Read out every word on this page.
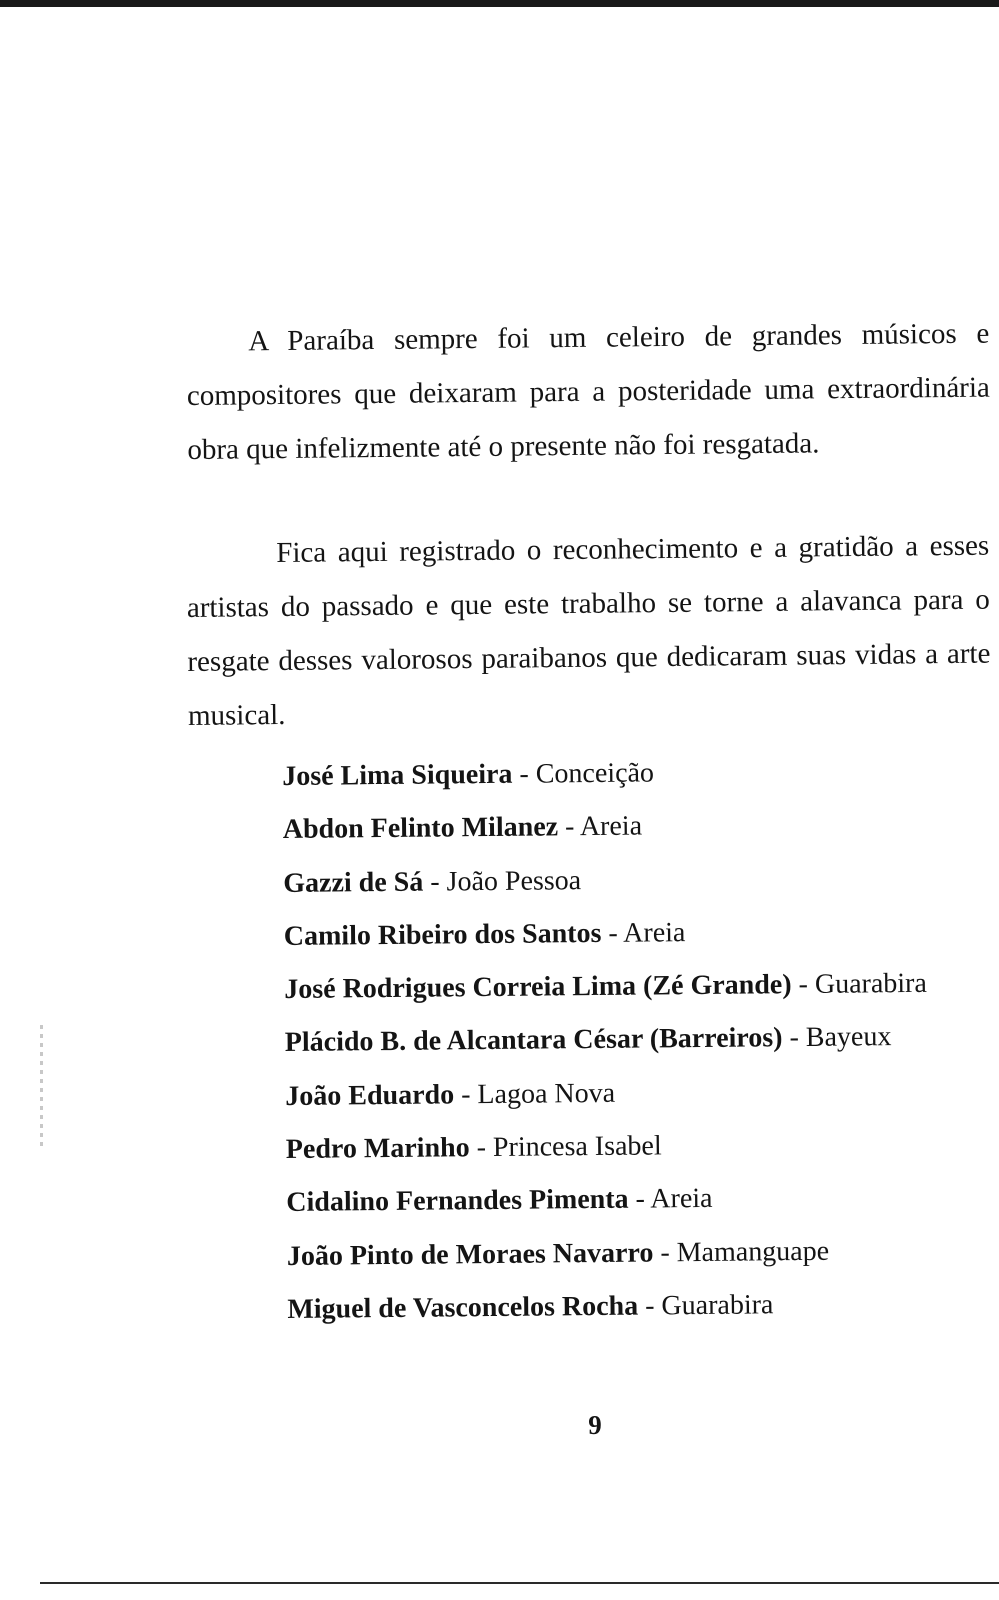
A Paraíba sempre foi um celeiro de grandes músicos e compositores que deixaram para a posteridade uma extraordinária obra que infelizmente até o presente não foi resgatada.

Fica aqui registrado o reconhecimento e a gratidão a esses artistas do passado e que este trabalho se torne a alavanca para o resgate desses valorosos paraibanos que dedicaram suas vidas a arte musical.

José Lima Siqueira - Conceição
Abdon Felinto Milanez - Areia
Gazzi de Sá - João Pessoa
Camilo Ribeiro dos Santos - Areia
José Rodrigues Correia Lima (Zé Grande) - Guarabira
Plácido B. de Alcantara César (Barreiros) - Bayeux
João Eduardo - Lagoa Nova
Pedro Marinho - Princesa Isabel
Cidalino Fernandes Pimenta - Areia
João Pinto de Moraes Navarro - Mamanguape
Miguel de Vasconcelos Rocha - Guarabira
9
